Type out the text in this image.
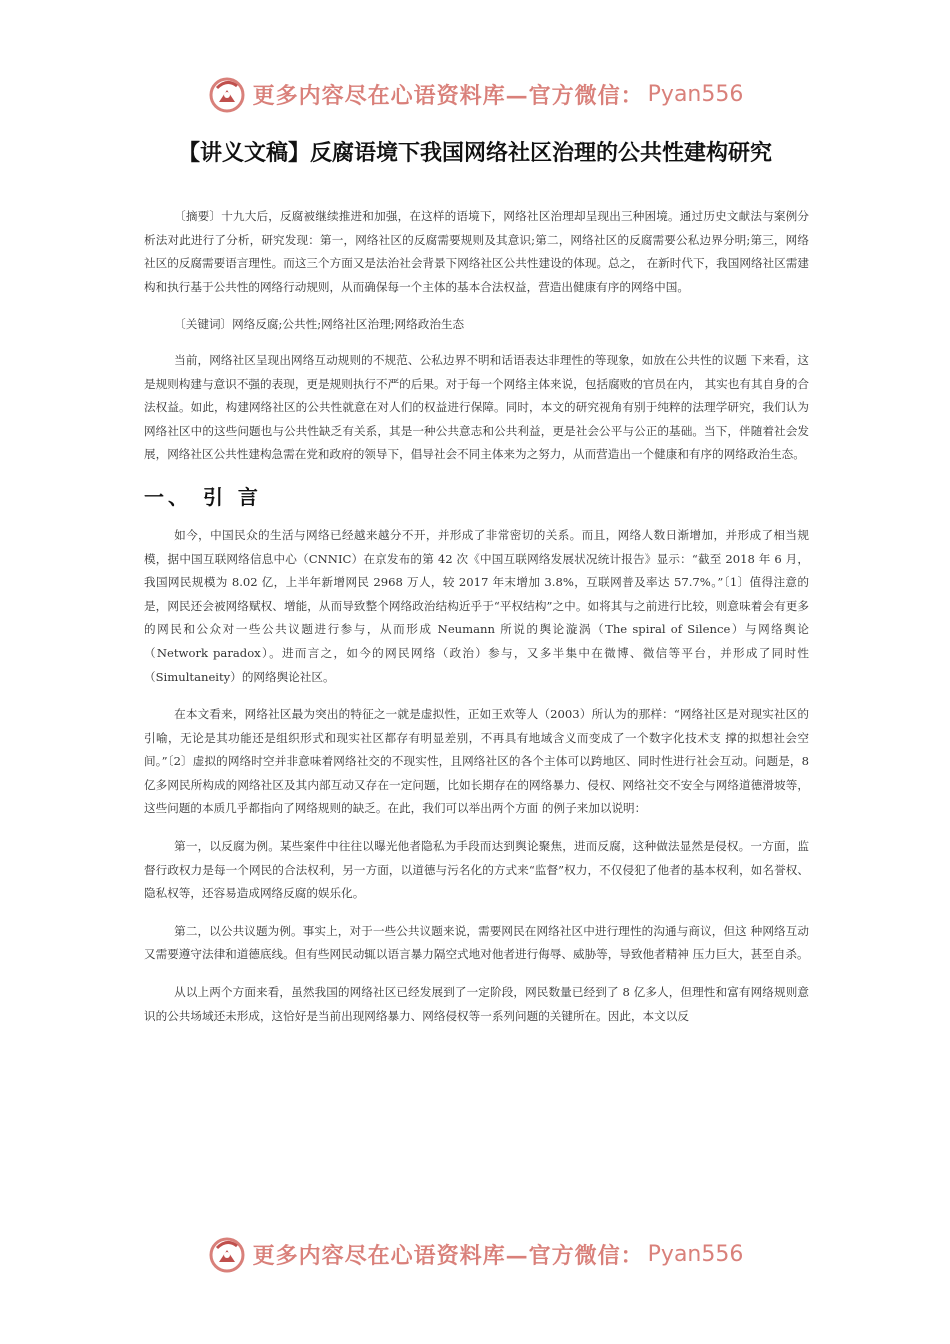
更多内容尽在心语资料库—官方微信： Pyan556
【讲义文稿】反腐语境下我国网络社区治理的公共性建构研究

〔摘要〕十九大后，反腐被继续推进和加强，在这样的语境下，网络社区治理却呈现出三种困境。通过历史文献法与案例分析法对此进行了分析，研究发现：第一，网络社区的反腐需要规则及其意识;第二，网络社区的反腐需要公私边界分明;第三，网络社区的反腐需要语言理性。而这三个方面又是法治社会背景下网络社区公共性建设的体现。总之， 在新时代下，我国网络社区需建构和执行基于公共性的网络行动规则，从而确保每一个主体的基本合法权益，营造出健康有序的网络中国。

〔关键词〕网络反腐;公共性;网络社区治理;网络政治生态

当前，网络社区呈现出网络互动规则的不规范、公私边界不明和话语表达非理性的等现象，如放在公共性的议题 下来看，这是规则构建与意识不强的表现，更是规则执行不严的后果。对于每一个网络主体来说，包括腐败的官员在内， 其实也有其自身的合法权益。如此，构建网络社区的公共性就意在对人们的权益进行保障。同时，本文的研究视角有别于纯粹的法理学研究，我们认为网络社区中的这些问题也与公共性缺乏有关系，其是一种公共意志和公共利益，更是社会公平与公正的基础。当下，伴随着社会发展，网络社区公共性建构急需在党和政府的领导下，倡导社会不同主体来为之努力，从而营造出一个健康和有序的网络政治生态。

一、 引 言

如今，中国民众的生活与网络已经越来越分不开，并形成了非常密切的关系。而且，网络人数日渐增加，并形成了相当规模，据中国互联网络信息中心（CNNIC）在京发布的第 42 次《中国互联网络发展状况统计报告》显示：“截至 2018 年 6 月，我国网民规模为 8.02 亿，上半年新增网民 2968 万人，较 2017 年末增加 3.8%，互联网普及率达 57.7%。”〔1〕值得注意的是，网民还会被网络赋权、增能，从而导致整个网络政治结构近乎于“平权结构”之中。如将其与之前进行比较，则意味着会有更多的网民和公众对一些公共议题进行参与，从而形成 Neumann 所说的舆论漩涡（The spiral of Silence）与网络舆论（Network paradox）。进而言之，如今的网民网络（政治）参与，又多半集中在微博、微信等平台，并形成了同时性（Simultaneity）的网络舆论社区。

在本文看来，网络社区最为突出的特征之一就是虚拟性，正如王欢等人（2003）所认为的那样：“网络社区是对现实社区的引喻，无论是其功能还是组织形式和现实社区都存有明显差别，不再具有地域含义而变成了一个数字化技术支 撑的拟想社会空间。”〔2〕虚拟的网络时空并非意味着网络社交的不现实性，且网络社区的各个主体可以跨地区、同时性进行社会互动。问题是，8 亿多网民所构成的网络社区及其内部互动又存在一定问题，比如长期存在的网络暴力、侵权、网络社交不安全与网络道德滑坡等，这些问题的本质几乎都指向了网络规则的缺乏。在此，我们可以举出两个方面 的例子来加以说明：

第一，以反腐为例。某些案件中往往以曝光他者隐私为手段而达到舆论聚焦，进而反腐，这种做法显然是侵权。一方面，监督行政权力是每一个网民的合法权利，另一方面，以道德与污名化的方式来“监督”权力，不仅侵犯了他者的基本权利，如名誉权、隐私权等，还容易造成网络反腐的娱乐化。

第二，以公共议题为例。事实上，对于一些公共议题来说，需要网民在网络社区中进行理性的沟通与商议，但这 种网络互动又需要遵守法律和道德底线。但有些网民动辄以语言暴力隔空式地对他者进行侮辱、威胁等，导致他者精神 压力巨大，甚至自杀。

从以上两个方面来看，虽然我国的网络社区已经发展到了一定阶段，网民数量已经到了 8 亿多人，但理性和富有网络规则意识的公共场域还未形成，这恰好是当前出现网络暴力、网络侵权等一系列问题的关键所在。因此，本文以反

更多内容尽在心语资料库—官方微信： Pyan556
